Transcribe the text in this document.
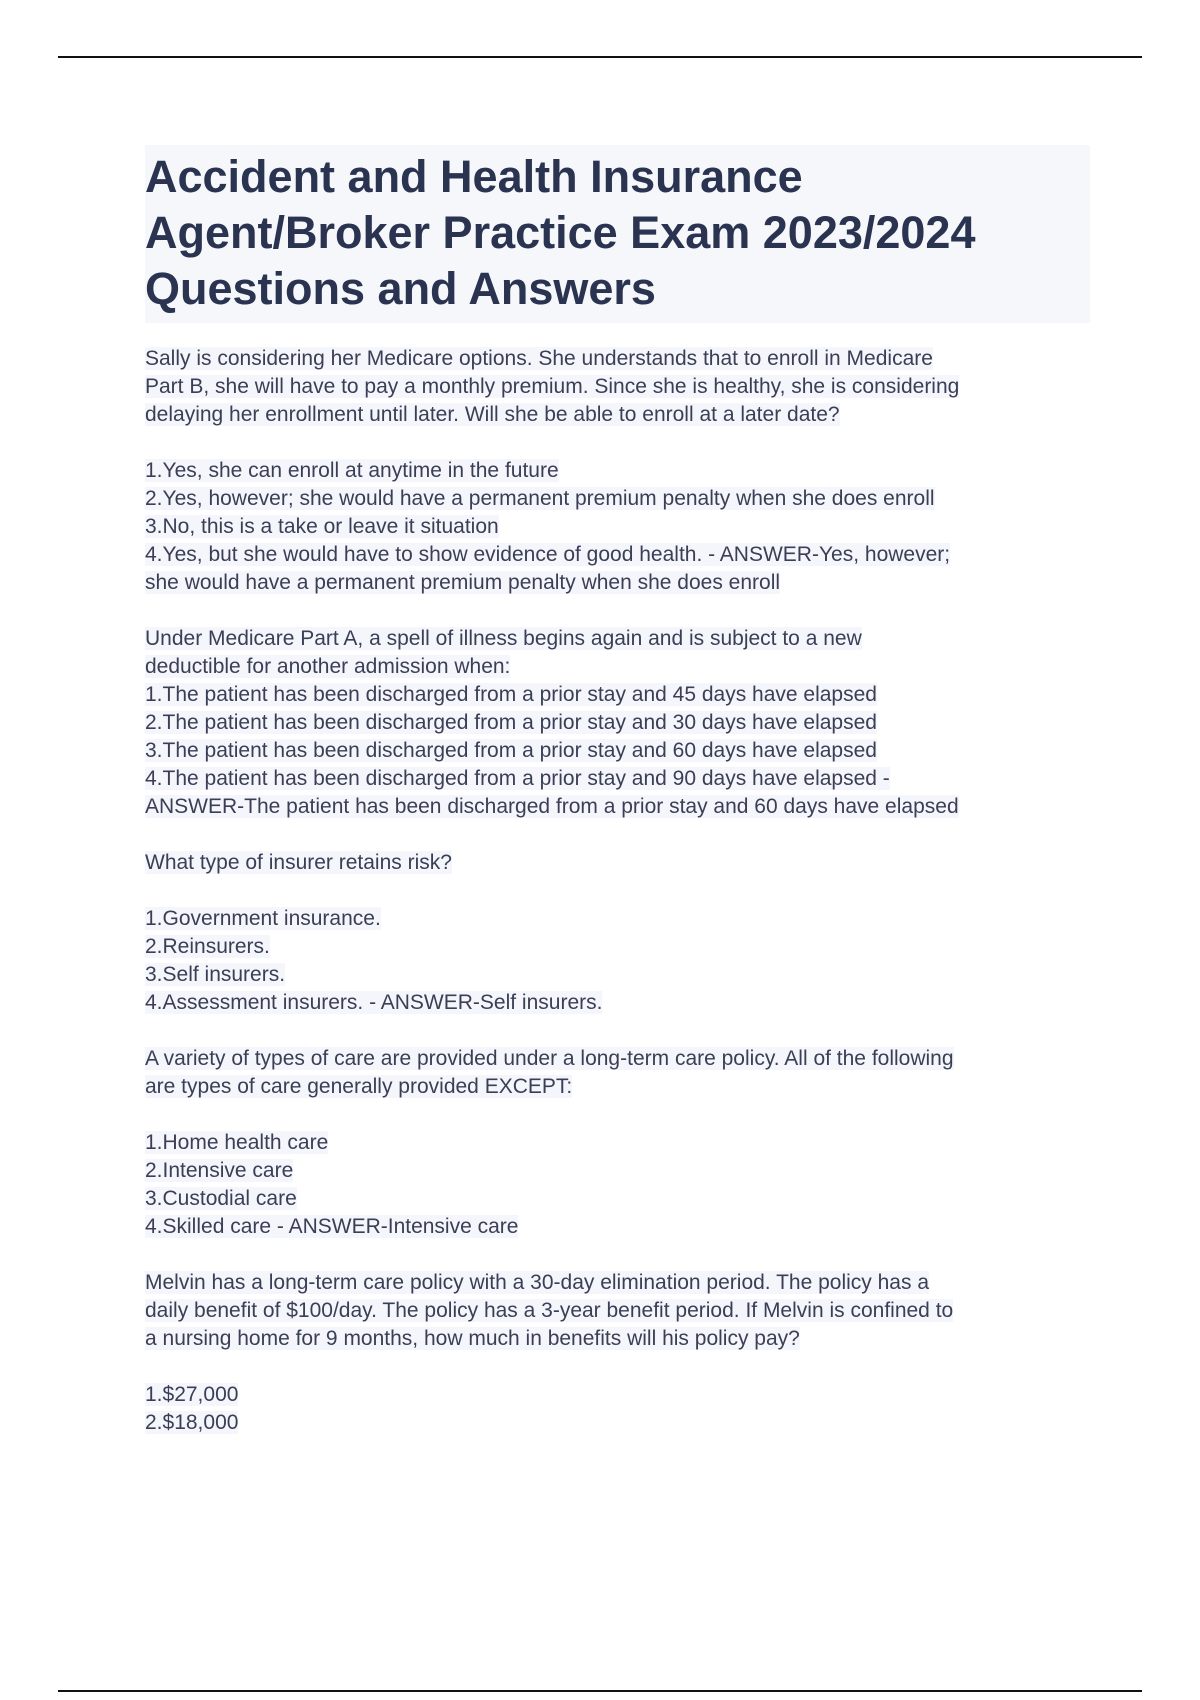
Accident and Health Insurance
Agent/Broker Practice Exam 2023/2024
Questions and Answers
Sally is considering her Medicare options. She understands that to enroll in Medicare
Part B, she will have to pay a monthly premium. Since she is healthy, she is considering
delaying her enrollment until later. Will she be able to enroll at a later date?
1.Yes, she can enroll at anytime in the future
2.Yes, however; she would have a permanent premium penalty when she does enroll
3.No, this is a take or leave it situation
4.Yes, but she would have to show evidence of good health. - ANSWER-Yes, however;
she would have a permanent premium penalty when she does enroll
Under Medicare Part A, a spell of illness begins again and is subject to a new
deductible for another admission when:
1.The patient has been discharged from a prior stay and 45 days have elapsed
2.The patient has been discharged from a prior stay and 30 days have elapsed
3.The patient has been discharged from a prior stay and 60 days have elapsed
4.The patient has been discharged from a prior stay and 90 days have elapsed -
ANSWER-The patient has been discharged from a prior stay and 60 days have elapsed
What type of insurer retains risk?
1.Government insurance.
2.Reinsurers.
3.Self insurers.
4.Assessment insurers. - ANSWER-Self insurers.
A variety of types of care are provided under a long-term care policy. All of the following
are types of care generally provided EXCEPT:
1.Home health care
2.Intensive care
3.Custodial care
4.Skilled care - ANSWER-Intensive care
Melvin has a long-term care policy with a 30-day elimination period. The policy has a
daily benefit of $100/day. The policy has a 3-year benefit period. If Melvin is confined to
a nursing home for 9 months, how much in benefits will his policy pay?
1.$27,000
2.$18,000
